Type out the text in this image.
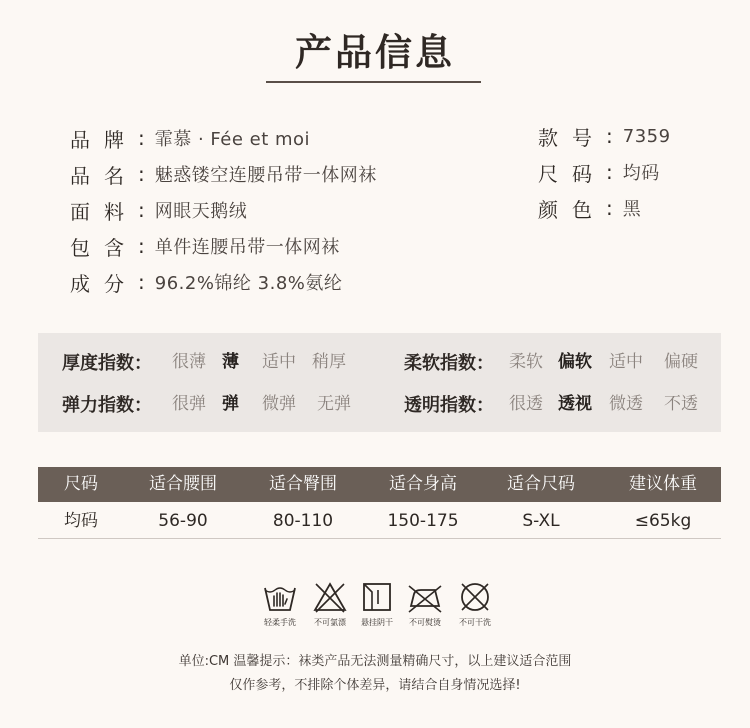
产品信息
品牌 : 霏慕 · Fée et moi
品名 : 魅惑镂空连腰吊带一体网袜
面料 : 网眼天鹅绒
包含 : 单件连腰吊带一体网袜
成分 : 96.2%锦纶 3.8%氨纶
款号 : 7359
尺码 : 均码
颜色 : 黑
厚度指数： 很薄 薄 适中 稍厚	柔软指数： 柔软 偏软 适中 偏硬
弹力指数： 很弹 弹 微弹 无弹	透明指数： 很透 透视 微透 不透
尺码	适合腰围	适合臀围	适合身高	适合尺码	建议体重
均码	56-90	80-110	150-175	S-XL	≤65kg
轻柔手洗	不可氯漂	悬挂阴干	不可熨烫	不可干洗
单位:CM 温馨提示：袜类产品无法测量精确尺寸，以上建议适合范围
仅作参考，不排除个体差异，请结合自身情况选择!
